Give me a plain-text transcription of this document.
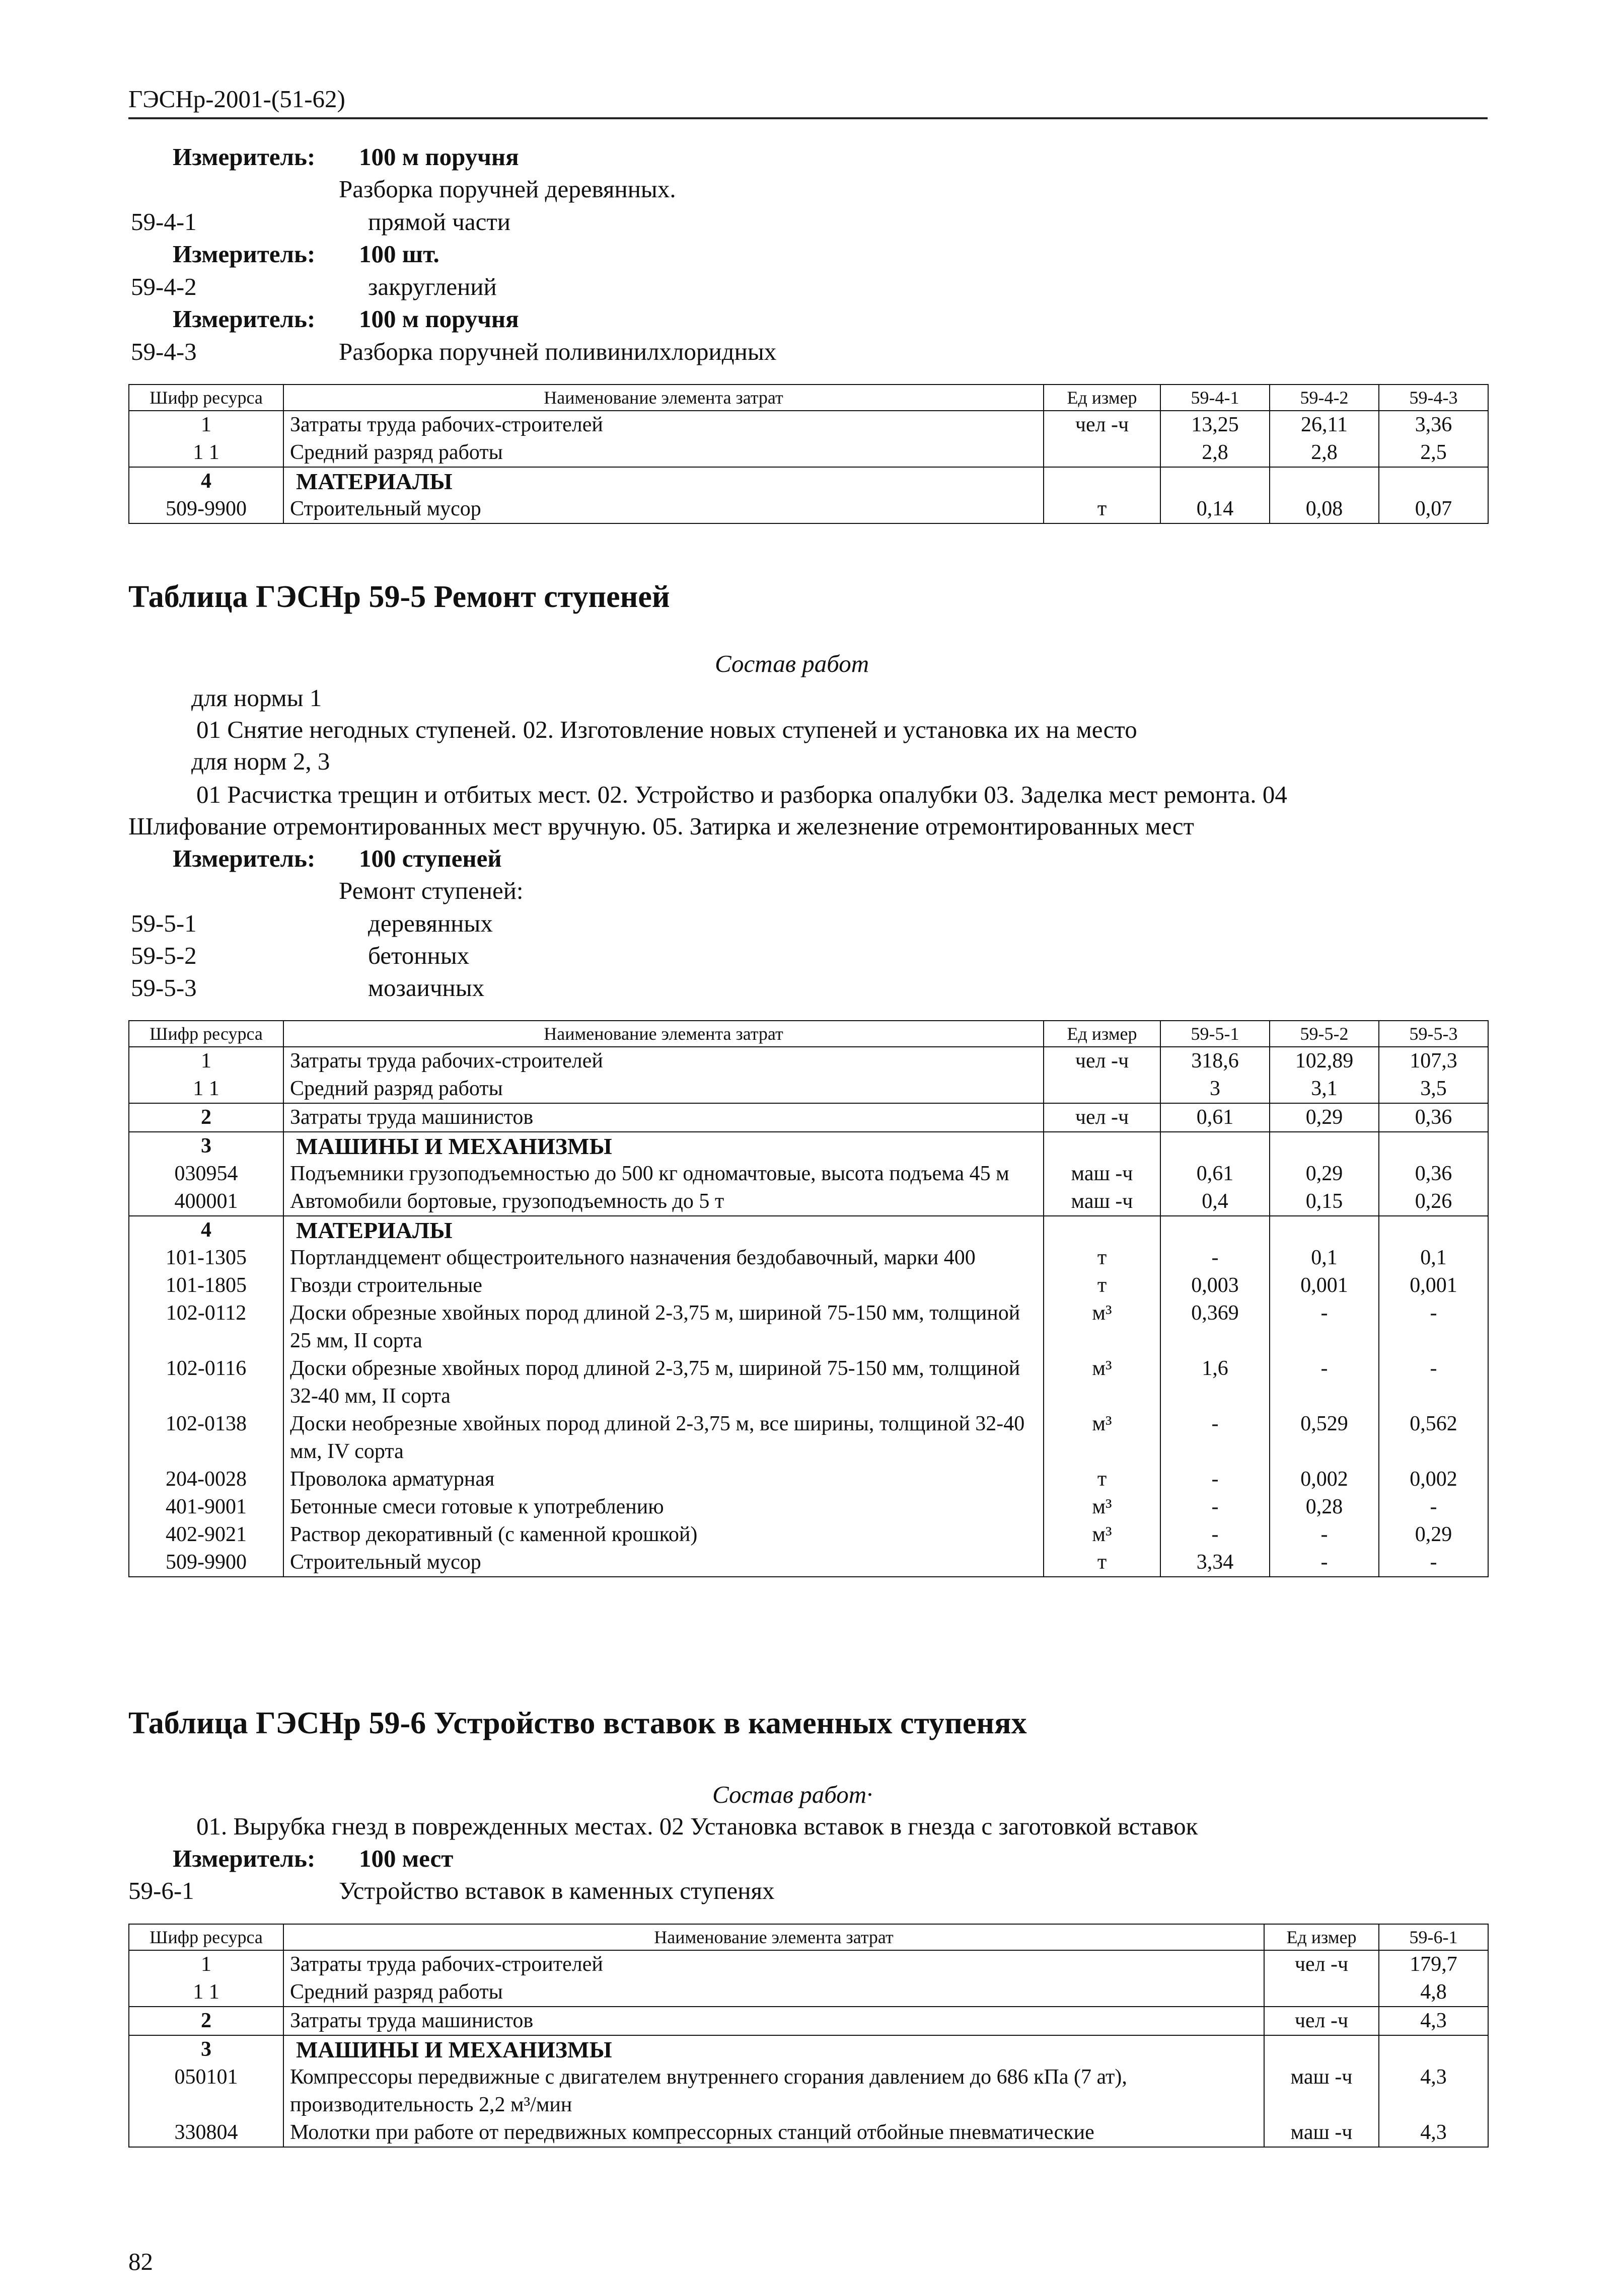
ГЭСНр-2001-(51-62)
Измеритель: 100 м поручня
Разборка поручней деревянных.
59-4-1	прямой части
Измеритель: 100 шт.
59-4-2	закруглений
Измеритель: 100 м поручня
59-4-3	Разборка поручней поливинилхлоридных
Шифр ресурса	Наименование элемента затрат	Ед измер	59-4-1	59-4-2	59-4-3
1	Затраты труда рабочих-строителей	чел -ч	13,25	26,11	3,36
1 1	Средний разряд работы		2,8	2,8	2,5
4	МАТЕРИАЛЫ				
509-9900	Строительный мусор	т	0,14	0,08	0,07
Таблица ГЭСНр 59-5 Ремонт ступеней
Состав работ
для нормы 1
01 Снятие негодных ступеней. 02. Изготовление новых ступеней и установка их на место
для норм 2, 3
01 Расчистка трещин и отбитых мест. 02. Устройство и разборка опалубки 03. Заделка мест ремонта. 04
Шлифование отремонтированных мест вручную. 05. Затирка и железнение отремонтированных мест
Измеритель: 100 ступеней
Ремонт ступеней:
59-5-1	деревянных
59-5-2	бетонных
59-5-3	мозаичных
Шифр ресурса	Наименование элемента затрат	Ед измер	59-5-1	59-5-2	59-5-3
1	Затраты труда рабочих-строителей	чел -ч	318,6	102,89	107,3
1 1	Средний разряд работы		3	3,1	3,5
2	Затраты труда машинистов	чел -ч	0,61	0,29	0,36
3	МАШИНЫ И МЕХАНИЗМЫ				
030954	Подъемники грузоподъемностью до 500 кг одномачтовые, высота подъема 45 м	маш -ч	0,61	0,29	0,36
400001	Автомобили бортовые, грузоподъемность до 5 т	маш -ч	0,4	0,15	0,26
4	МАТЕРИАЛЫ				
101-1305	Портландцемент общестроительного назначения бездобавочный, марки 400	т	-	0,1	0,1
101-1805	Гвозди строительные	т	0,003	0,001	0,001
102-0112	Доски обрезные хвойных пород длиной 2-3,75 м, шириной 75-150 мм, толщиной 25 мм, II сорта	м³	0,369	-	-
102-0116	Доски обрезные хвойных пород длиной 2-3,75 м, шириной 75-150 мм, толщиной 32-40 мм, II сорта	м³	1,6	-	-
102-0138	Доски необрезные хвойных пород длиной 2-3,75 м, все ширины, толщиной 32-40 мм, IV сорта	м³	-	0,529	0,562
204-0028	Проволока арматурная	т	-	0,002	0,002
401-9001	Бетонные смеси готовые к употреблению	м³	-	0,28	-
402-9021	Раствор декоративный (с каменной крошкой)	м³	-	-	0,29
509-9900	Строительный мусор	т	3,34	-	-
Таблица ГЭСНр 59-6 Устройство вставок в каменных ступенях
Состав работ·
01. Вырубка гнезд в поврежденных местах. 02 Установка вставок в гнезда с заготовкой вставок
Измеритель: 100 мест
59-6-1	Устройство вставок в каменных ступенях
Шифр ресурса	Наименование элемента затрат	Ед измер	59-6-1
1	Затраты труда рабочих-строителей	чел -ч	179,7
1 1	Средний разряд работы		4,8
2	Затраты труда машинистов	чел -ч	4,3
3	МАШИНЫ И МЕХАНИЗМЫ		
050101	Компрессоры передвижные с двигателем внутреннего сгорания давлением до 686 кПа (7 ат), производительность 2,2 м³/мин	маш -ч	4,3
330804	Молотки при работе от передвижных компрессорных станций отбойные пневматические	маш -ч	4,3
82
